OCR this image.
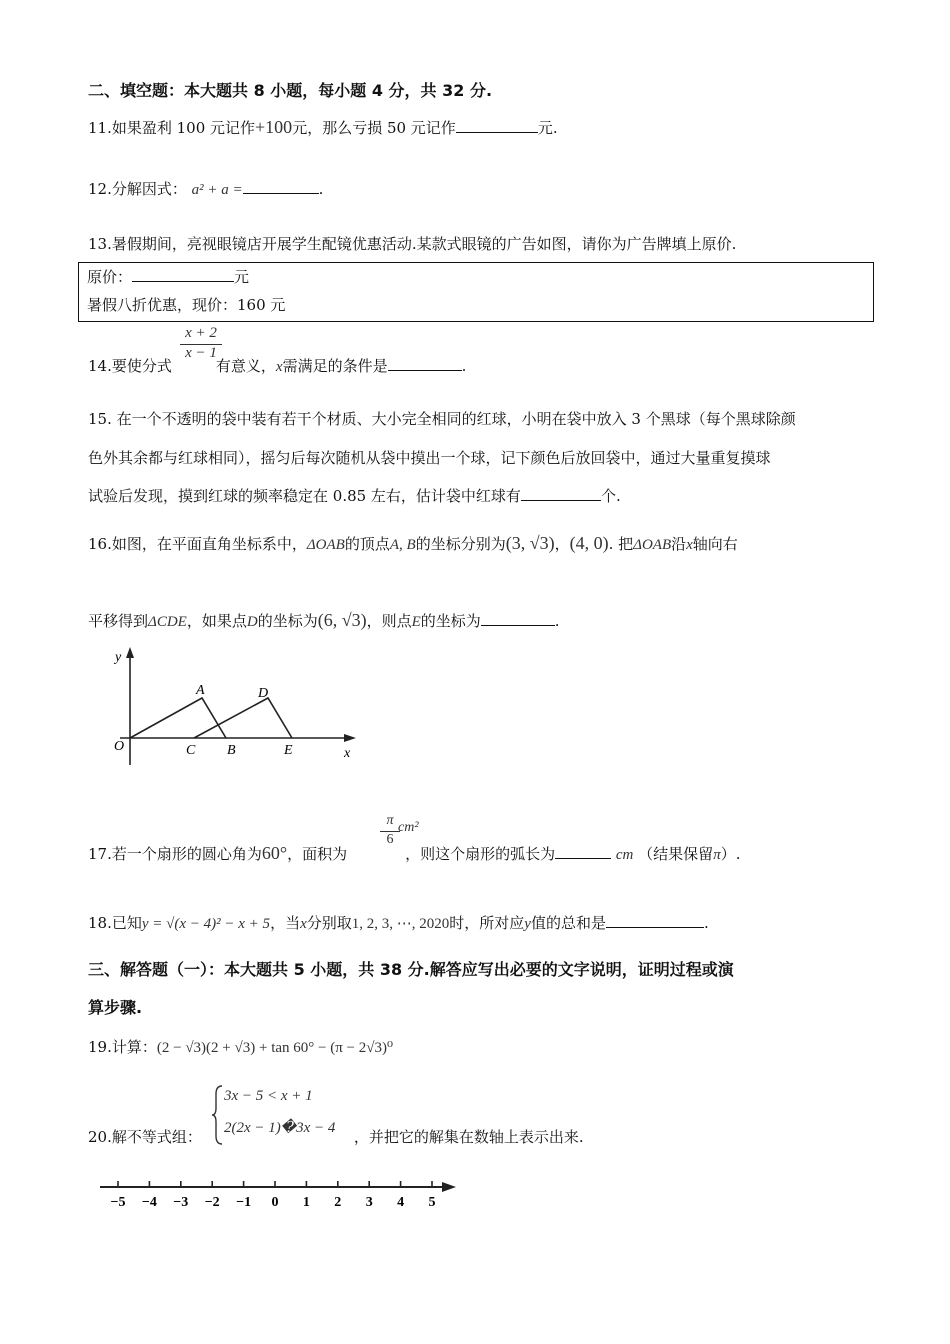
二、填空题：本大题共 8 小题，每小题 4 分，共 32 分.
11.如果盈利 100 元记作+100元，那么亏损 50 元记作	元.
12.分解因式： a² + a =	.
13.暑假期间，亮视眼镜店开展学生配镜优惠活动.某款式眼镜的广告如图，请你为广告牌填上原价.
原价：	元
暑假八折优惠，现价：160 元
x + 2
x − 1
14.要使分式	有意义，x需满足的条件是	.
15. 在一个不透明的袋中装有若干个材质、大小完全相同的红球，小明在袋中放入 3 个黑球（每个黑球除颜
色外其余都与红球相同），摇匀后每次随机从袋中摸出一个球，记下颜色后放回袋中，通过大量重复摸球
试验后发现，摸到红球的频率稳定在 0.85 左右，估计袋中红球有	个.
16.如图，在平面直角坐标系中，ΔOAB的顶点A, B的坐标分别为(3, √3)，(4, 0). 把ΔOAB沿x轴向右
平移得到ΔCDE，如果点D的坐标为(6, √3)，则点E的坐标为	.
y
A	D
O	C B	E	x
π
6
cm²
17.若一个扇形的圆心角为60°，面积为	，则这个扇形的弧长为	cm （结果保留π）.
18.已知y = √(x − 4)² − x + 5，当x分别取1, 2, 3, ⋯, 2020时，所对应y值的总和是	.
三、解答题（一）：本大题共 5 小题，共 38 分.解答应写出必要的文字说明，证明过程或演
算步骤.
19.计算：(2 − √3)(2 + √3) + tan 60° − (π − 2√3)⁰
3x − 5 < x + 1
2(2x − 1)�3x − 4
20.解不等式组：	，并把它的解集在数轴上表示出来.
−5 −4 −3 −2 −1 0 1 2 3 4 5
